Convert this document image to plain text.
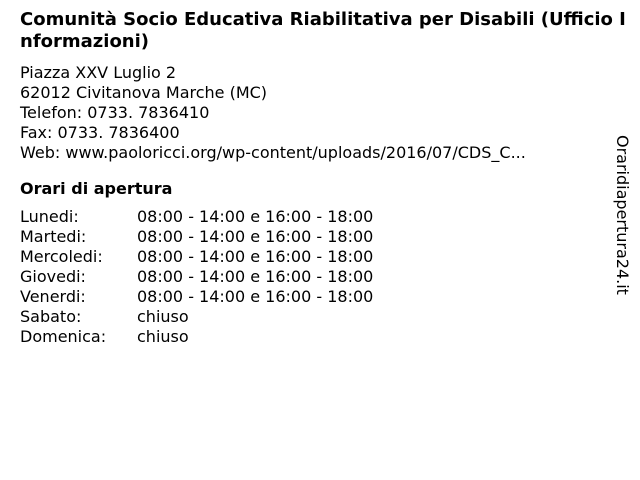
Comunità Socio Educativa Riabilitativa per Disabili (Ufficio Informazioni)
Piazza XXV Luglio 2
62012 Civitanova Marche (MC)
Telefon: 0733. 7836410
Fax: 0733. 7836400
Web: www.paoloricci.org/wp-content/uploads/2016/07/CDS_C...
Orari di apertura
Lunedi:	08:00 - 14:00 e 16:00 - 18:00
Martedi:	08:00 - 14:00 e 16:00 - 18:00
Mercoledi:	08:00 - 14:00 e 16:00 - 18:00
Giovedi:	08:00 - 14:00 e 16:00 - 18:00
Venerdi:	08:00 - 14:00 e 16:00 - 18:00
Sabato:	chiuso
Domenica:	chiuso
Oraridiapertura24.it
